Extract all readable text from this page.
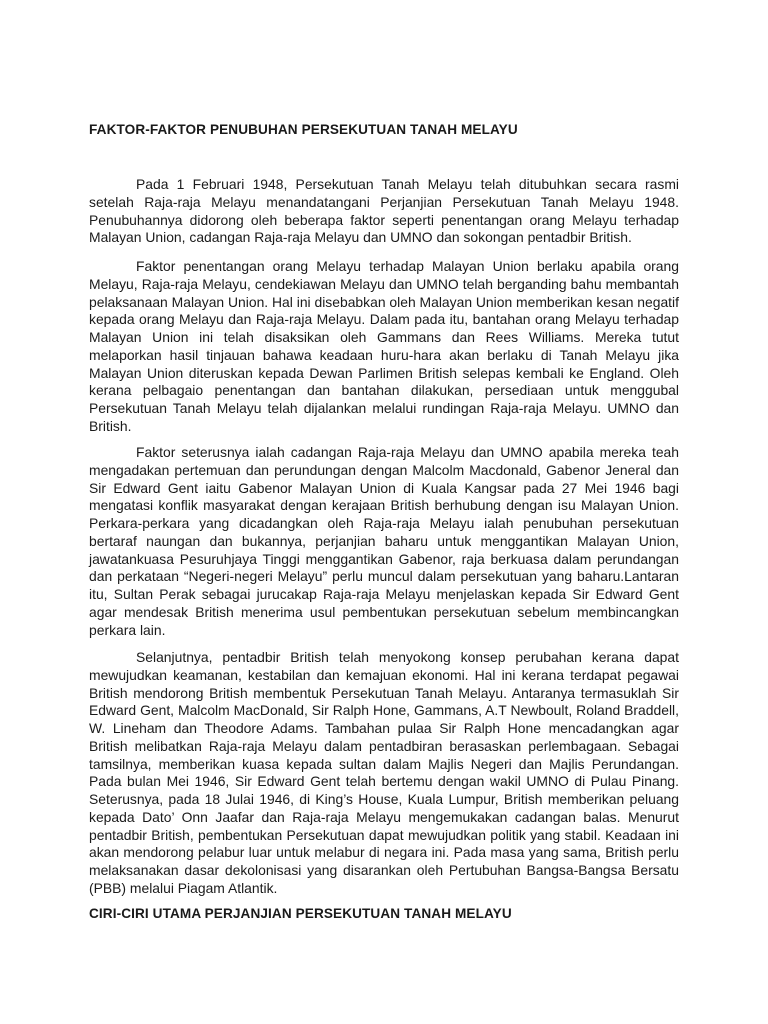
FAKTOR-FAKTOR PENUBUHAN PERSEKUTUAN TANAH MELAYU

Pada 1 Februari 1948, Persekutuan Tanah Melayu telah ditubuhkan secara rasmi
setelah Raja-raja Melayu menandatangani Perjanjian Persekutuan Tanah Melayu 1948.
Penubuhannya didorong oleh beberapa faktor seperti penentangan orang Melayu terhadap
Malayan Union, cadangan Raja-raja Melayu dan UMNO dan sokongan pentadbir British.

Faktor penentangan orang Melayu terhadap Malayan Union berlaku apabila orang
Melayu, Raja-raja Melayu, cendekiawan Melayu dan UMNO telah berganding bahu membantah
pelaksanaan Malayan Union. Hal ini disebabkan oleh Malayan Union memberikan kesan negatif
kepada orang Melayu dan Raja-raja Melayu. Dalam pada itu, bantahan orang Melayu terhadap
Malayan Union ini telah disaksikan oleh Gammans dan Rees Williams. Mereka tutut
melaporkan hasil tinjauan bahawa keadaan huru-hara akan berlaku di Tanah Melayu jika
Malayan Union diteruskan kepada Dewan Parlimen British selepas kembali ke England. Oleh
kerana pelbagaio penentangan dan bantahan dilakukan, persediaan untuk menggubal
Persekutuan Tanah Melayu telah dijalankan melalui rundingan Raja-raja Melayu. UMNO dan
British.

Faktor seterusnya ialah cadangan Raja-raja Melayu dan UMNO apabila mereka teah
mengadakan pertemuan dan perundungan dengan Malcolm Macdonald, Gabenor Jeneral dan
Sir Edward Gent iaitu Gabenor Malayan Union di Kuala Kangsar pada 27 Mei 1946 bagi
mengatasi konflik masyarakat dengan kerajaan British berhubung dengan isu Malayan Union.
Perkara-perkara yang dicadangkan oleh Raja-raja Melayu ialah penubuhan persekutuan
bertaraf naungan dan bukannya, perjanjian baharu untuk menggantikan Malayan Union,
jawatankuasa Pesuruhjaya Tinggi menggantikan Gabenor, raja berkuasa dalam perundangan
dan perkataan “Negeri-negeri Melayu” perlu muncul dalam persekutuan yang baharu.Lantaran
itu, Sultan Perak sebagai jurucakap Raja-raja Melayu menjelaskan kepada Sir Edward Gent
agar mendesak British menerima usul pembentukan persekutuan sebelum membincangkan
perkara lain.

Selanjutnya, pentadbir British telah menyokong konsep perubahan kerana dapat
mewujudkan keamanan, kestabilan dan kemajuan ekonomi. Hal ini kerana terdapat pegawai
British mendorong British membentuk Persekutuan Tanah Melayu. Antaranya termasuklah Sir
Edward Gent, Malcolm MacDonald, Sir Ralph Hone, Gammans, A.T Newboult, Roland Braddell,
W. Lineham dan Theodore Adams. Tambahan pulaa Sir Ralph Hone mencadangkan agar
British melibatkan Raja-raja Melayu dalam pentadbiran berasaskan perlembagaan. Sebagai
tamsilnya, memberikan kuasa kepada sultan dalam Majlis Negeri dan Majlis Perundangan.
Pada bulan Mei 1946, Sir Edward Gent telah bertemu dengan wakil UMNO di Pulau Pinang.
Seterusnya, pada 18 Julai 1946, di King’s House, Kuala Lumpur, British memberikan peluang
kepada Dato’ Onn Jaafar dan Raja-raja Melayu mengemukakan cadangan balas. Menurut
pentadbir British, pembentukan Persekutuan dapat mewujudkan politik yang stabil. Keadaan ini
akan mendorong pelabur luar untuk melabur di negara ini. Pada masa yang sama, British perlu
melaksanakan dasar dekolonisasi yang disarankan oleh Pertubuhan Bangsa-Bangsa Bersatu
(PBB) melalui Piagam Atlantik.

CIRI-CIRI UTAMA PERJANJIAN PERSEKUTUAN TANAH MELAYU
